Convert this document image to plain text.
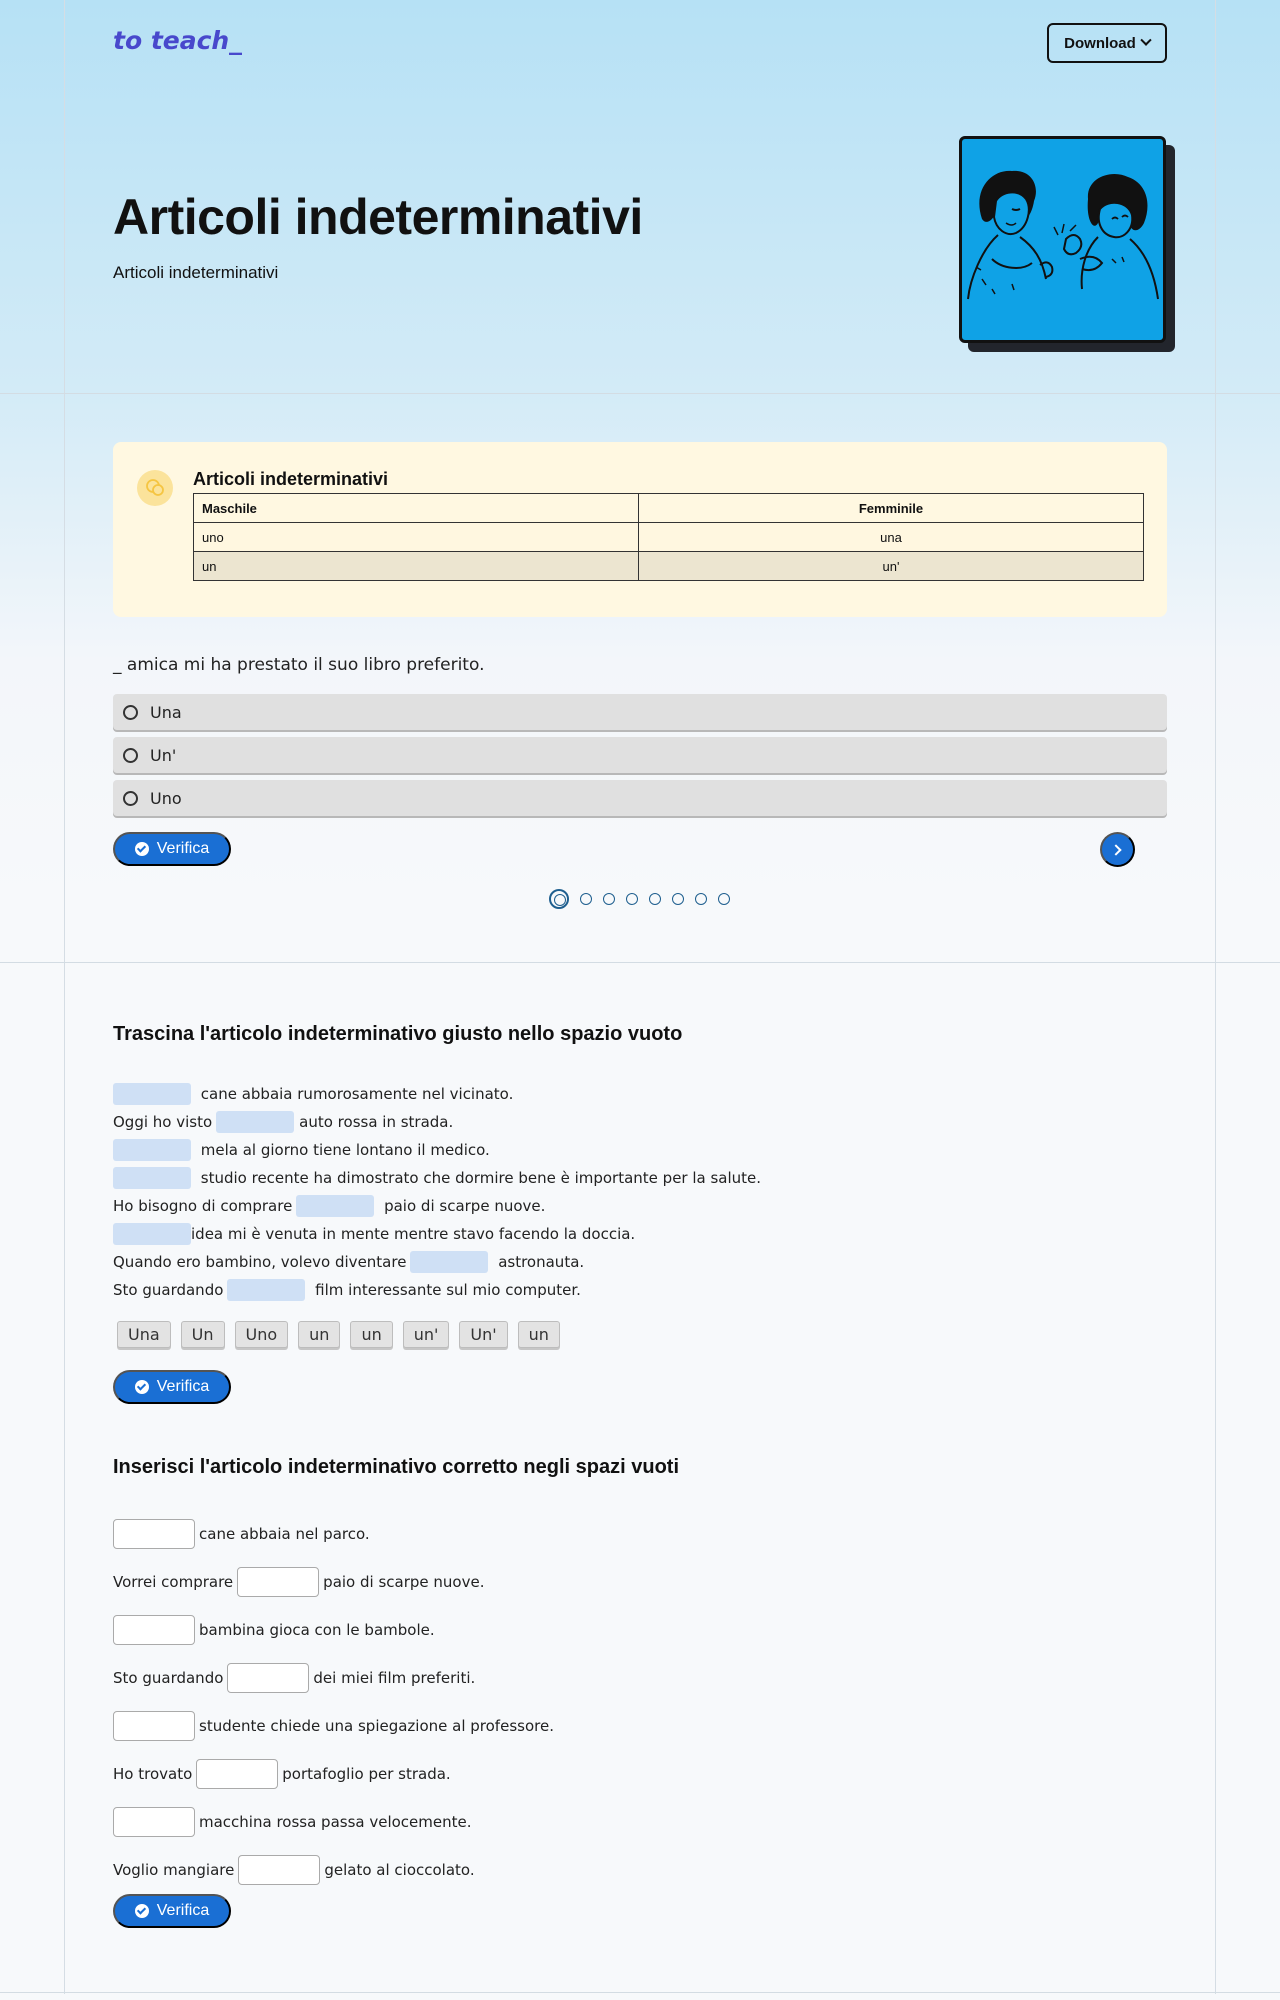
to teach_	Download
Articoli indeterminativi
Articoli indeterminativi
Articoli indeterminativi
Maschile	Femminile
uno	una
un	un'
_ amica mi ha prestato il suo libro preferito.
Una
Un'
Uno
Verifica
Trascina l'articolo indeterminativo giusto nello spazio vuoto
cane abbaia rumorosamente nel vicinato.
Oggi ho visto	auto rossa in strada.
mela al giorno tiene lontano il medico.
studio recente ha dimostrato che dormire bene è importante per la salute.
Ho bisogno di comprare	paio di scarpe nuove.
idea mi è venuta in mente mentre stavo facendo la doccia.
Quando ero bambino, volevo diventare	astronauta.
Sto guardando	film interessante sul mio computer.
Una	Un	Uno	un	un	un'	Un'	un
Verifica
Inserisci l'articolo indeterminativo corretto negli spazi vuoti
cane abbaia nel parco.
Vorrei comprare	paio di scarpe nuove.
bambina gioca con le bambole.
Sto guardando	dei miei film preferiti.
studente chiede una spiegazione al professore.
Ho trovato	portafoglio per strada.
macchina rossa passa velocemente.
Voglio mangiare	gelato al cioccolato.
Verifica
